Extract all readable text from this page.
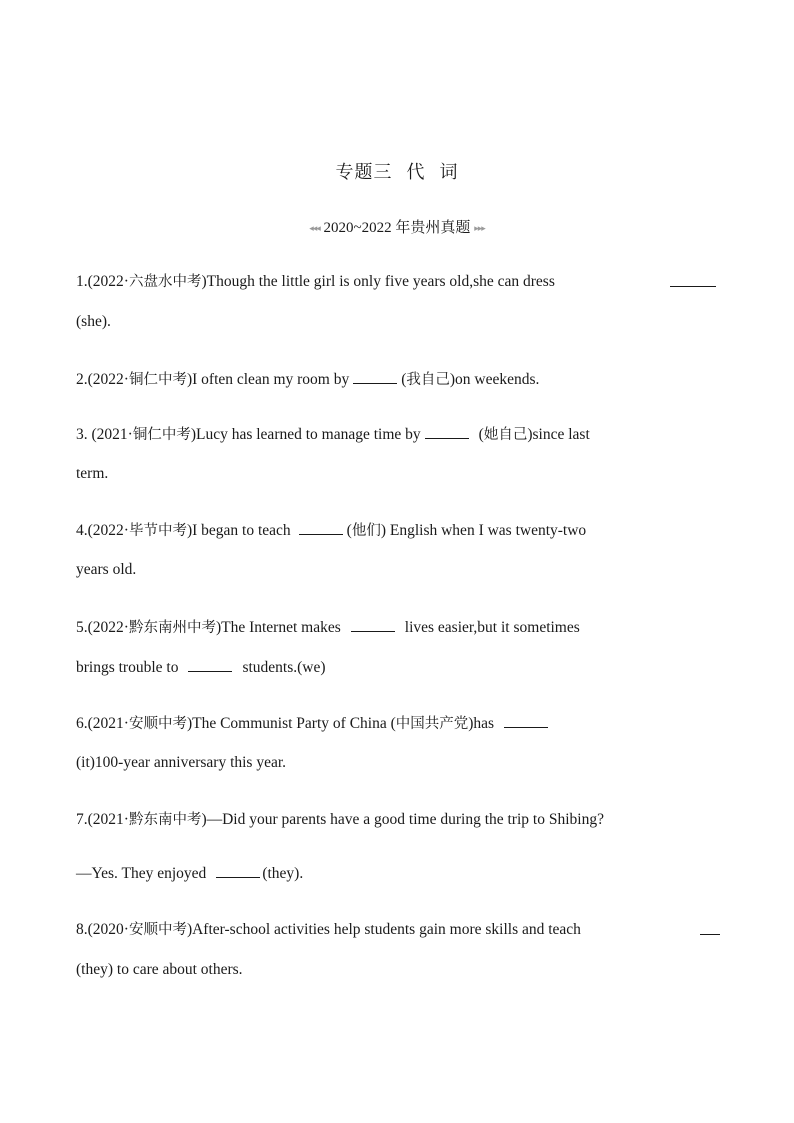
专题三 代 词
◂◂◂ 2020~2022 年贵州真题 ▸▸▸
1.(2022·六盘水中考)Though the little girl is only five years old,she can dress
(she).
2.(2022·铜仁中考)I often clean my room by	(我自己)on weekends.
3. (2021·铜仁中考)Lucy has learned to manage time by	(她自己)since last
term.
4.(2022·毕节中考)I began to teach	(他们) English when I was twenty-two
years old.
5.(2022·黔东南州中考)The Internet makes	lives easier,but it sometimes
brings trouble to	students.(we)
6.(2021·安顺中考)The Communist Party of China (中国共产党)has
(it)100-year anniversary this year.
7.(2021·黔东南中考)—Did your parents have a good time during the trip to Shibing?
—Yes. They enjoyed	(they).
8.(2020·安顺中考)After-school activities help students gain more skills and teach
(they) to care about others.
